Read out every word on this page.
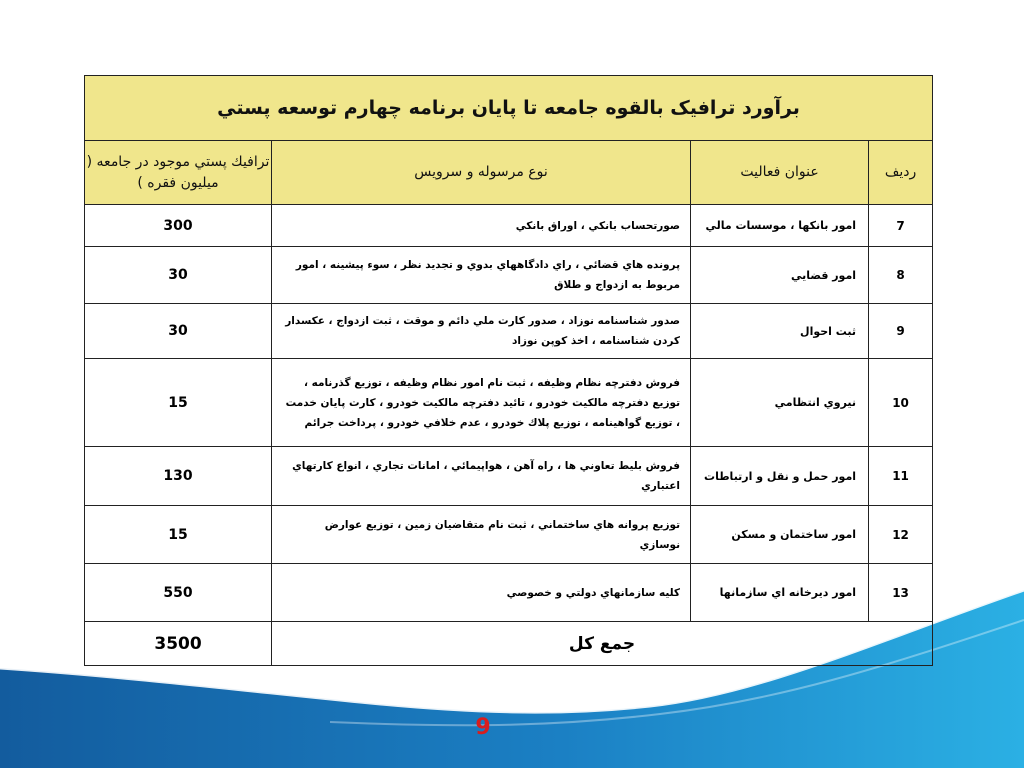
برآورد ترافيک بالقوه جامعه تا پايان برنامه چهارم توسعه پستي			
رديف	عنوان فعاليت	نوع مرسوله و سرويس	ترافيك پستي موجود در جامعه ( ميليون فقره )
7	امور بانكها ، موسسات مالي	صورتحساب بانكي ، اوراق بانكي	300
8	امور قضايي	پرونده هاي قضائي ، راي دادگاههاي بدوي و تجديد نظر ، سوء پيشينه ، امور مربوط به ازدواج و طلاق	30
9	ثبت احوال	صدور شناسنامه نوزاد ، صدور كارت ملي دائم و موقت ، ثبت ازدواج ، عكسدار كردن شناسنامه ، اخذ كوپن نوزاد	30
10	نيروي انتظامي	فروش دفترچه نظام وظيفه ، ثبت نام امور نظام وظيفه ، توزيع گذرنامه ، توزيع دفترچه مالكيت خودرو ، تائيد دفترچه مالكيت خودرو ، كارت پايان خدمت ، توزيع گواهينامه ، توزيع پلاك خودرو ، عدم خلافي خودرو ، پرداخت جرائم	15
11	امور حمل و نقل و ارتباطات	فروش بليط تعاوني ها ، راه آهن ، هواپيمائي ، امانات تجاري ، انواع كارتهاي اعتباري	130
12	امور ساختمان و مسكن	توزيع پروانه هاي ساختماني ، ثبت نام متقاضيان زمين ، توزيع عوارض نوسازي	15
13	امور ديرخانه اي سازمانها	كليه سازمانهاي دولتي و خصوصي	550
جمع كل			3500
9
